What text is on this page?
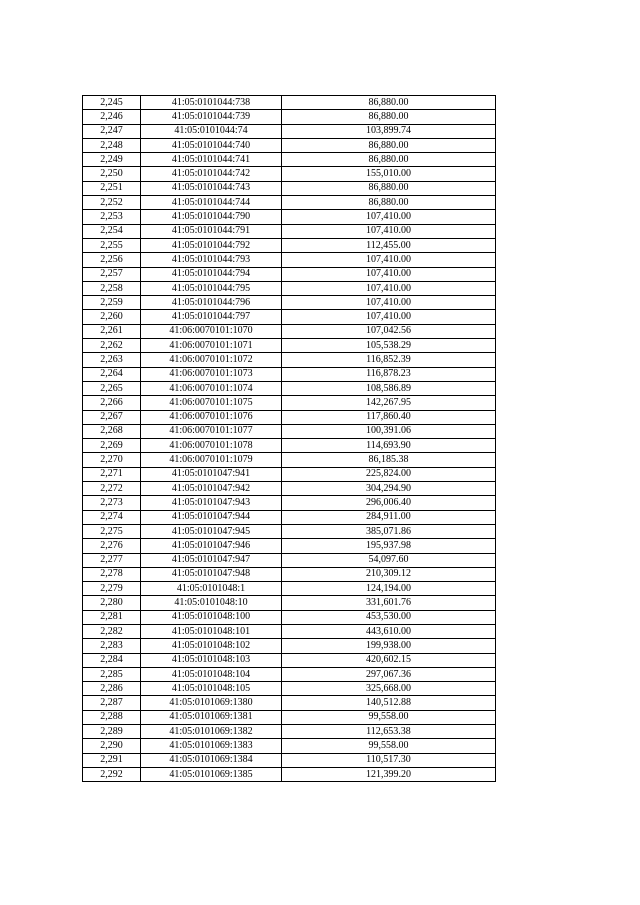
2,245	41:05:0101044:738	86,880.00
2,246	41:05:0101044:739	86,880.00
2,247	41:05:0101044:74	103,899.74
2,248	41:05:0101044:740	86,880.00
2,249	41:05:0101044:741	86,880.00
2,250	41:05:0101044:742	155,010.00
2,251	41:05:0101044:743	86,880.00
2,252	41:05:0101044:744	86,880.00
2,253	41:05:0101044:790	107,410.00
2,254	41:05:0101044:791	107,410.00
2,255	41:05:0101044:792	112,455.00
2,256	41:05:0101044:793	107,410.00
2,257	41:05:0101044:794	107,410.00
2,258	41:05:0101044:795	107,410.00
2,259	41:05:0101044:796	107,410.00
2,260	41:05:0101044:797	107,410.00
2,261	41:06:0070101:1070	107,042.56
2,262	41:06:0070101:1071	105,538.29
2,263	41:06:0070101:1072	116,852.39
2,264	41:06:0070101:1073	116,878.23
2,265	41:06:0070101:1074	108,586.89
2,266	41:06:0070101:1075	142,267.95
2,267	41:06:0070101:1076	117,860.40
2,268	41:06:0070101:1077	100,391.06
2,269	41:06:0070101:1078	114,693.90
2,270	41:06:0070101:1079	86,185.38
2,271	41:05:0101047:941	225,824.00
2,272	41:05:0101047:942	304,294.90
2,273	41:05:0101047:943	296,006.40
2,274	41:05:0101047:944	284,911.00
2,275	41:05:0101047:945	385,071.86
2,276	41:05:0101047:946	195,937.98
2,277	41:05:0101047:947	54,097.60
2,278	41:05:0101047:948	210,309.12
2,279	41:05:0101048:1	124,194.00
2,280	41:05:0101048:10	331,601.76
2,281	41:05:0101048:100	453,530.00
2,282	41:05:0101048:101	443,610.00
2,283	41:05:0101048:102	199,938.00
2,284	41:05:0101048:103	420,602.15
2,285	41:05:0101048:104	297,067.36
2,286	41:05:0101048:105	325,668.00
2,287	41:05:0101069:1380	140,512.88
2,288	41:05:0101069:1381	99,558.00
2,289	41:05:0101069:1382	112,653.38
2,290	41:05:0101069:1383	99,558.00
2,291	41:05:0101069:1384	110,517.30
2,292	41:05:0101069:1385	121,399.20
